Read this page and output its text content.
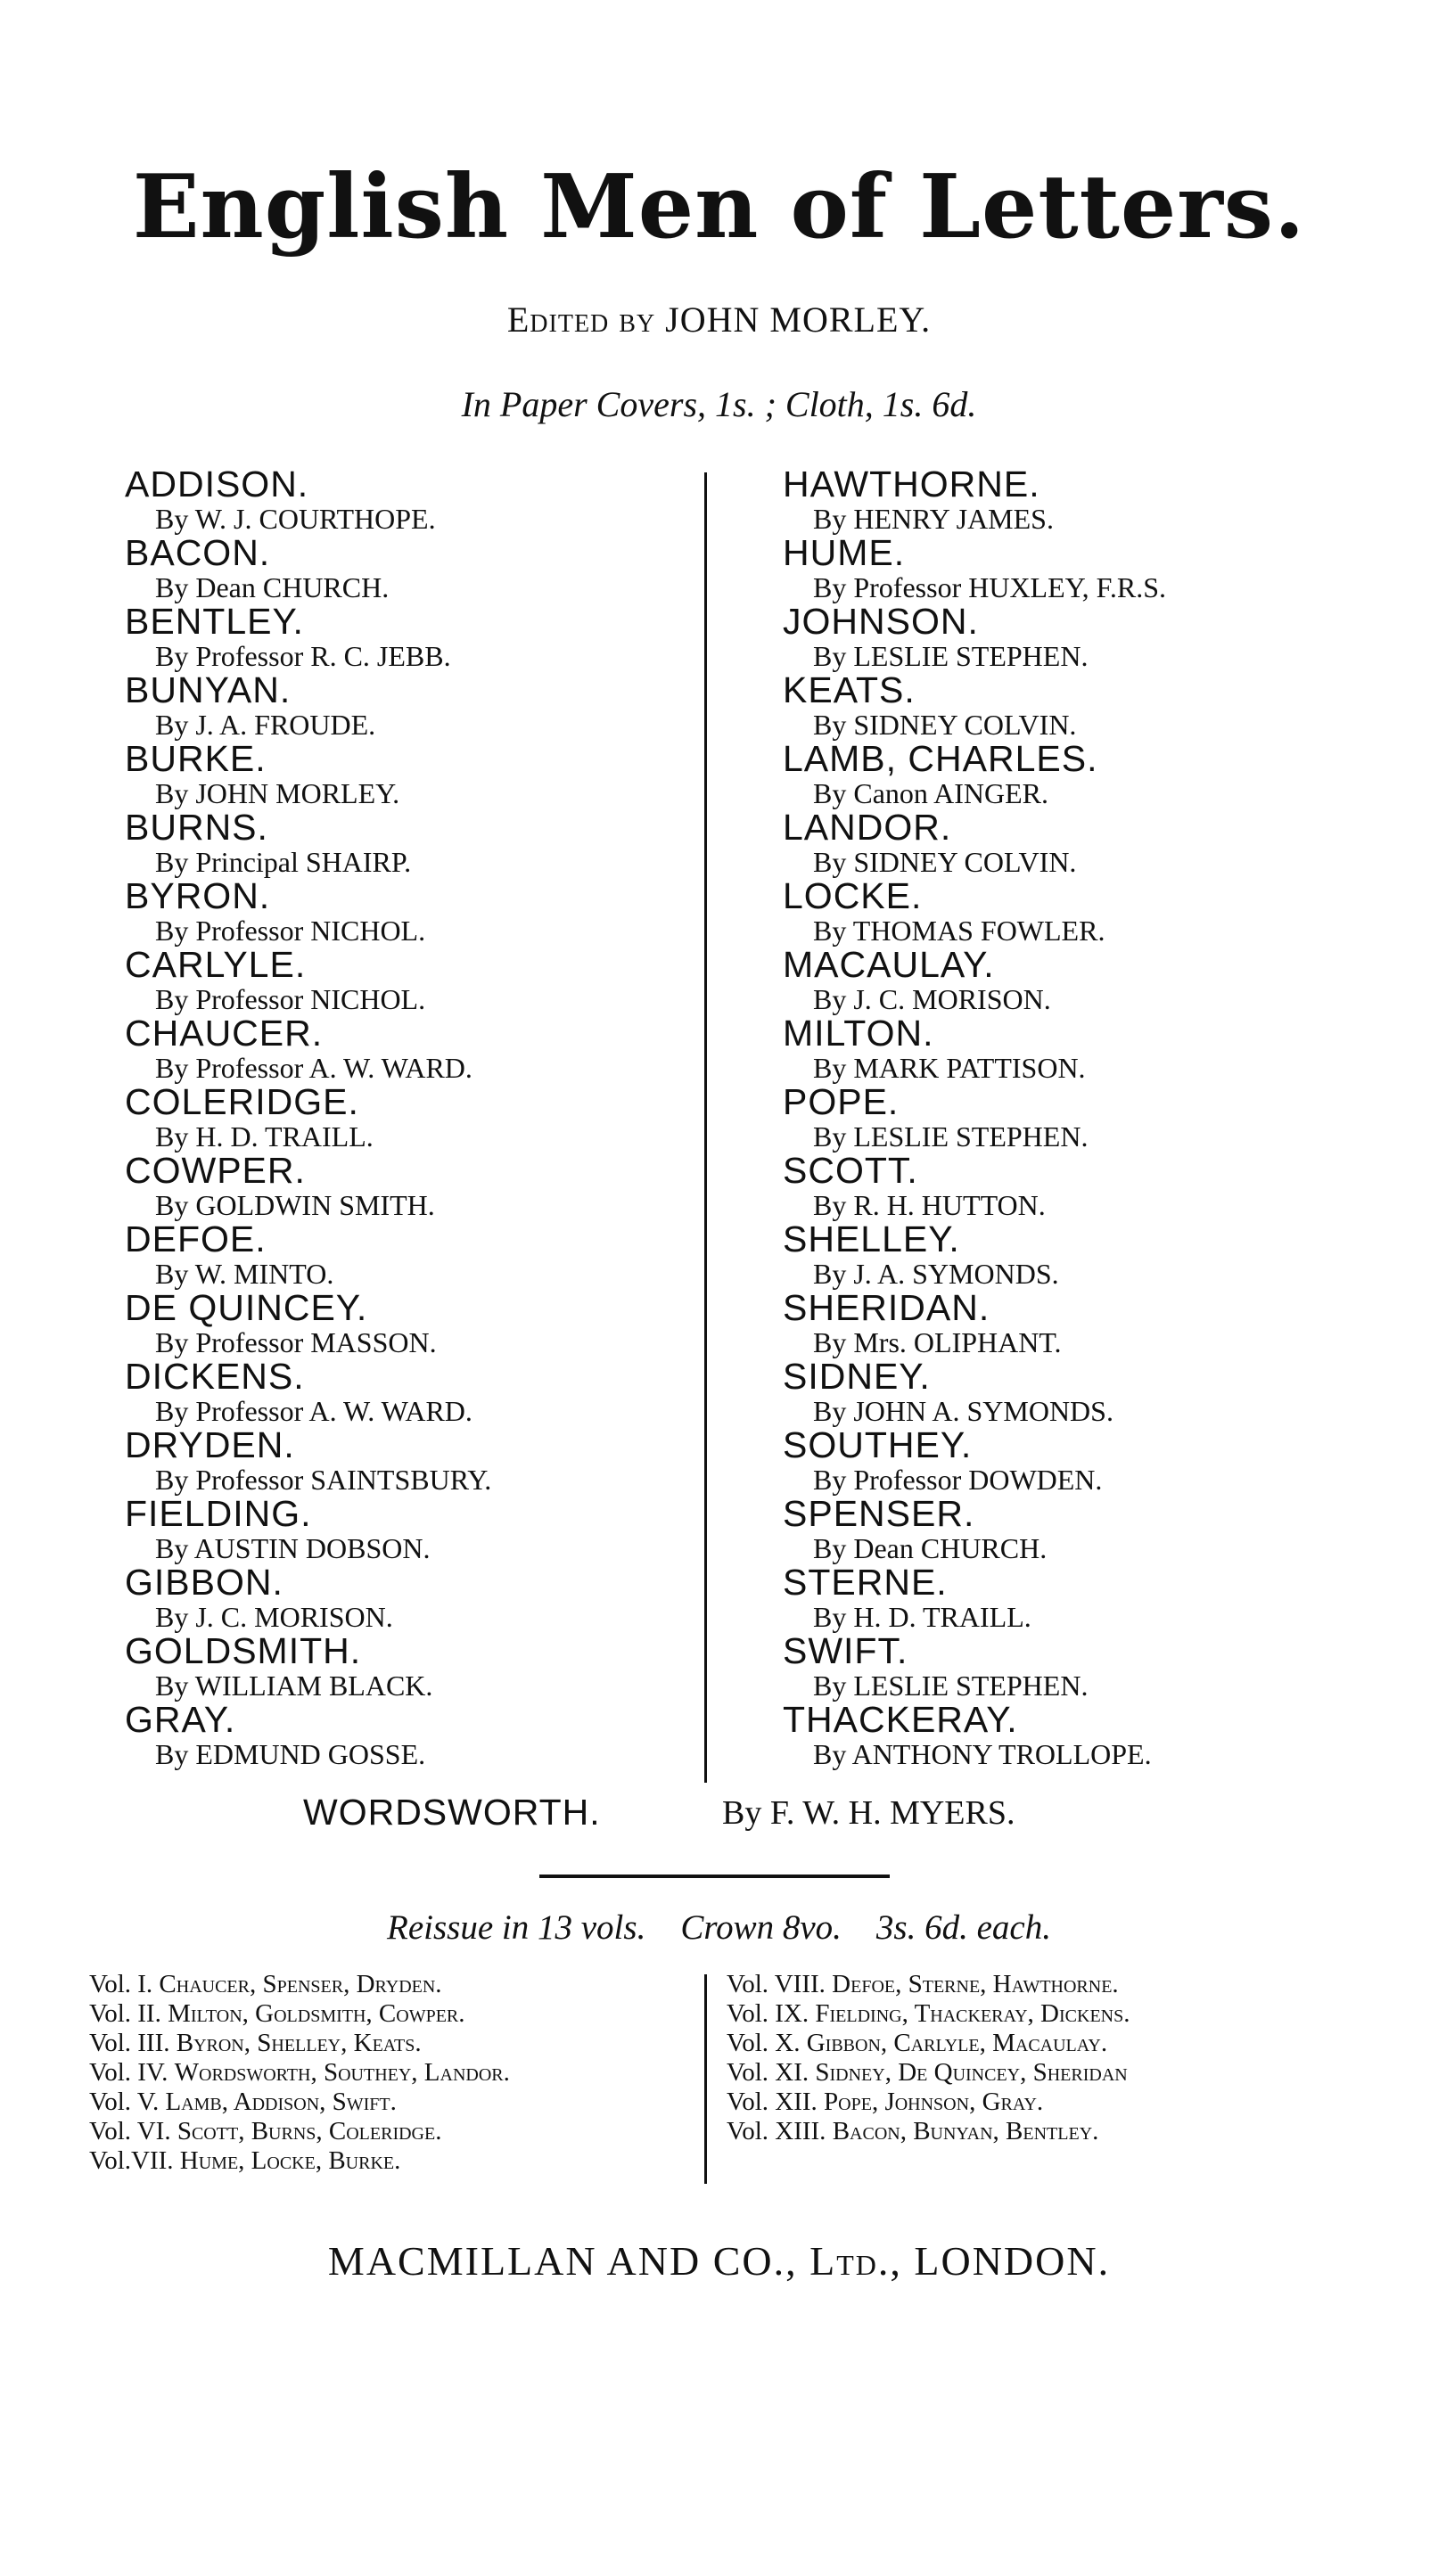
English Men of Letters.
Edited by JOHN MORLEY.
In Paper Covers, 1s. ; Cloth, 1s. 6d.
ADDISON.
By W. J. COURTHOPE.
BACON.
By Dean CHURCH.
BENTLEY.
By Professor R. C. JEBB.
BUNYAN.
By J. A. FROUDE.
BURKE.
By JOHN MORLEY.
BURNS.
By Principal SHAIRP.
BYRON.
By Professor NICHOL.
CARLYLE.
By Professor NICHOL.
CHAUCER.
By Professor A. W. WARD.
COLERIDGE.
By H. D. TRAILL.
COWPER.
By GOLDWIN SMITH.
DEFOE.
By W. MINTO.
DE QUINCEY.
By Professor MASSON.
DICKENS.
By Professor A. W. WARD.
DRYDEN.
By Professor SAINTSBURY.
FIELDING.
By AUSTIN DOBSON.
GIBBON.
By J. C. MORISON.
GOLDSMITH.
By WILLIAM BLACK.
GRAY.
By EDMUND GOSSE.
HAWTHORNE.
By HENRY JAMES.
HUME.
By Professor HUXLEY, F.R.S.
JOHNSON.
By LESLIE STEPHEN.
KEATS.
By SIDNEY COLVIN.
LAMB, CHARLES.
By Canon AINGER.
LANDOR.
By SIDNEY COLVIN.
LOCKE.
By THOMAS FOWLER.
MACAULAY.
By J. C. MORISON.
MILTON.
By MARK PATTISON.
POPE.
By LESLIE STEPHEN.
SCOTT.
By R. H. HUTTON.
SHELLEY.
By J. A. SYMONDS.
SHERIDAN.
By Mrs. OLIPHANT.
SIDNEY.
By JOHN A. SYMONDS.
SOUTHEY.
By Professor DOWDEN.
SPENSER.
By Dean CHURCH.
STERNE.
By H. D. TRAILL.
SWIFT.
By LESLIE STEPHEN.
THACKERAY.
By ANTHONY TROLLOPE.
WORDSWORTH.	By F. W. H. MYERS.
Reissue in 13 vols. Crown 8vo. 3s. 6d. each.
Vol. I. Chaucer, Spenser, Dryden.
Vol. II. Milton, Goldsmith, Cowper.
Vol. III. Byron, Shelley, Keats.
Vol. IV. Wordsworth, Southey, Landor.
Vol. V. Lamb, Addison, Swift.
Vol. VI. Scott, Burns, Coleridge.
Vol.VII. Hume, Locke, Burke.
Vol. VIII. Defoe, Sterne, Hawthorne.
Vol. IX. Fielding, Thackeray, Dickens.
Vol. X. Gibbon, Carlyle, Macaulay.
Vol. XI. Sidney, De Quincey, Sheridan
Vol. XII. Pope, Johnson, Gray.
Vol. XIII. Bacon, Bunyan, Bentley.
MACMILLAN AND CO., Ltd., LONDON.
